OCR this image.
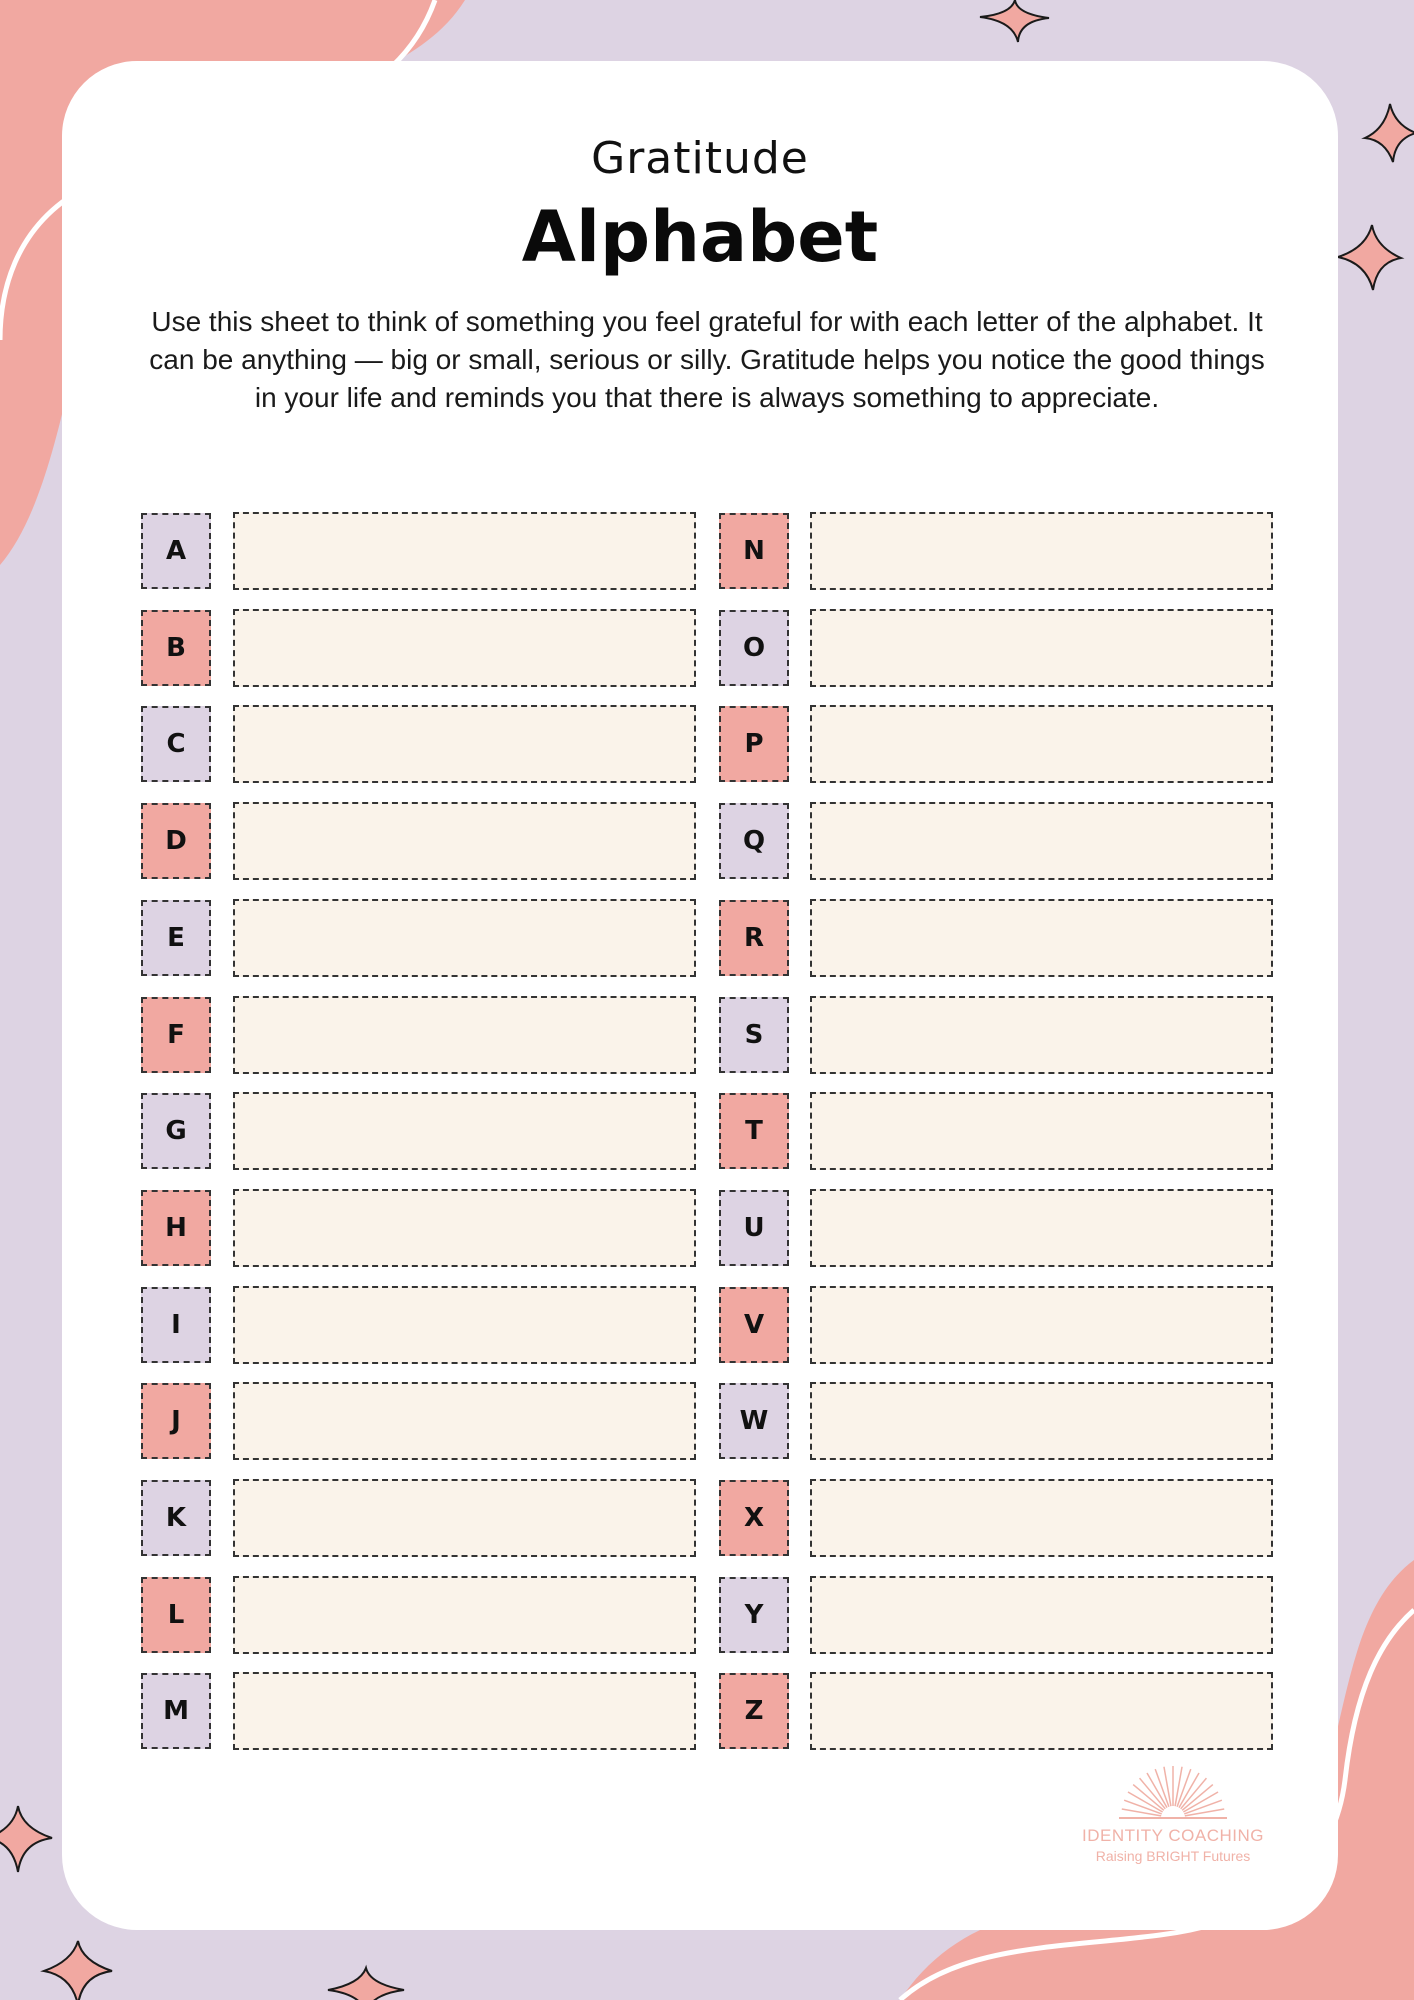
Gratitude
Alphabet
Use this sheet to think of something you feel grateful for with each letter of the alphabet. It can be anything — big or small, serious or silly. Gratitude helps you notice the good things in your life and reminds you that there is always something to appreciate.
A
B
C
D
E
F
G
H
I
J
K
L
M
N
O
P
Q
R
S
T
U
V
W
X
Y
Z
IDENTITY COACHING
Raising BRIGHT Futures
